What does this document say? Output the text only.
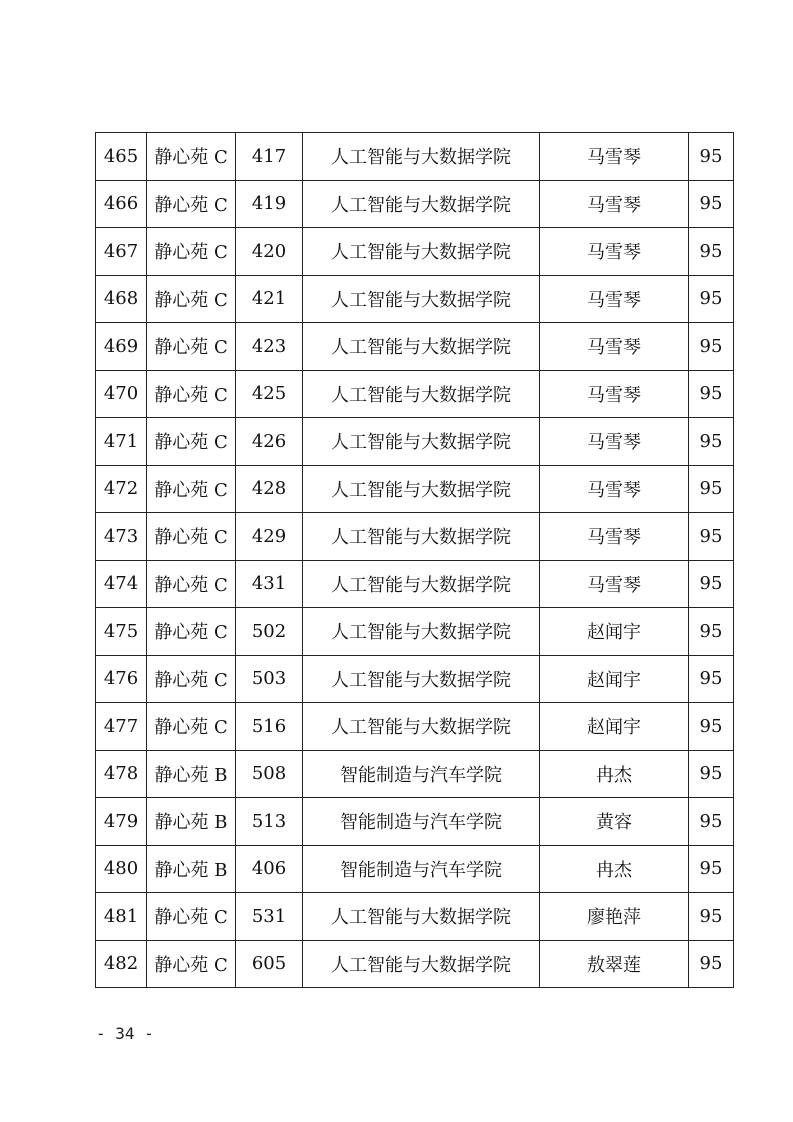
465	静心苑 C	417	人工智能与大数据学院	马雪琴	95
466	静心苑 C	419	人工智能与大数据学院	马雪琴	95
467	静心苑 C	420	人工智能与大数据学院	马雪琴	95
468	静心苑 C	421	人工智能与大数据学院	马雪琴	95
469	静心苑 C	423	人工智能与大数据学院	马雪琴	95
470	静心苑 C	425	人工智能与大数据学院	马雪琴	95
471	静心苑 C	426	人工智能与大数据学院	马雪琴	95
472	静心苑 C	428	人工智能与大数据学院	马雪琴	95
473	静心苑 C	429	人工智能与大数据学院	马雪琴	95
474	静心苑 C	431	人工智能与大数据学院	马雪琴	95
475	静心苑 C	502	人工智能与大数据学院	赵闻宇	95
476	静心苑 C	503	人工智能与大数据学院	赵闻宇	95
477	静心苑 C	516	人工智能与大数据学院	赵闻宇	95
478	静心苑 B	508	智能制造与汽车学院	冉杰	95
479	静心苑 B	513	智能制造与汽车学院	黄容	95
480	静心苑 B	406	智能制造与汽车学院	冉杰	95
481	静心苑 C	531	人工智能与大数据学院	廖艳萍	95
482	静心苑 C	605	人工智能与大数据学院	敖翠莲	95
- 34 -
